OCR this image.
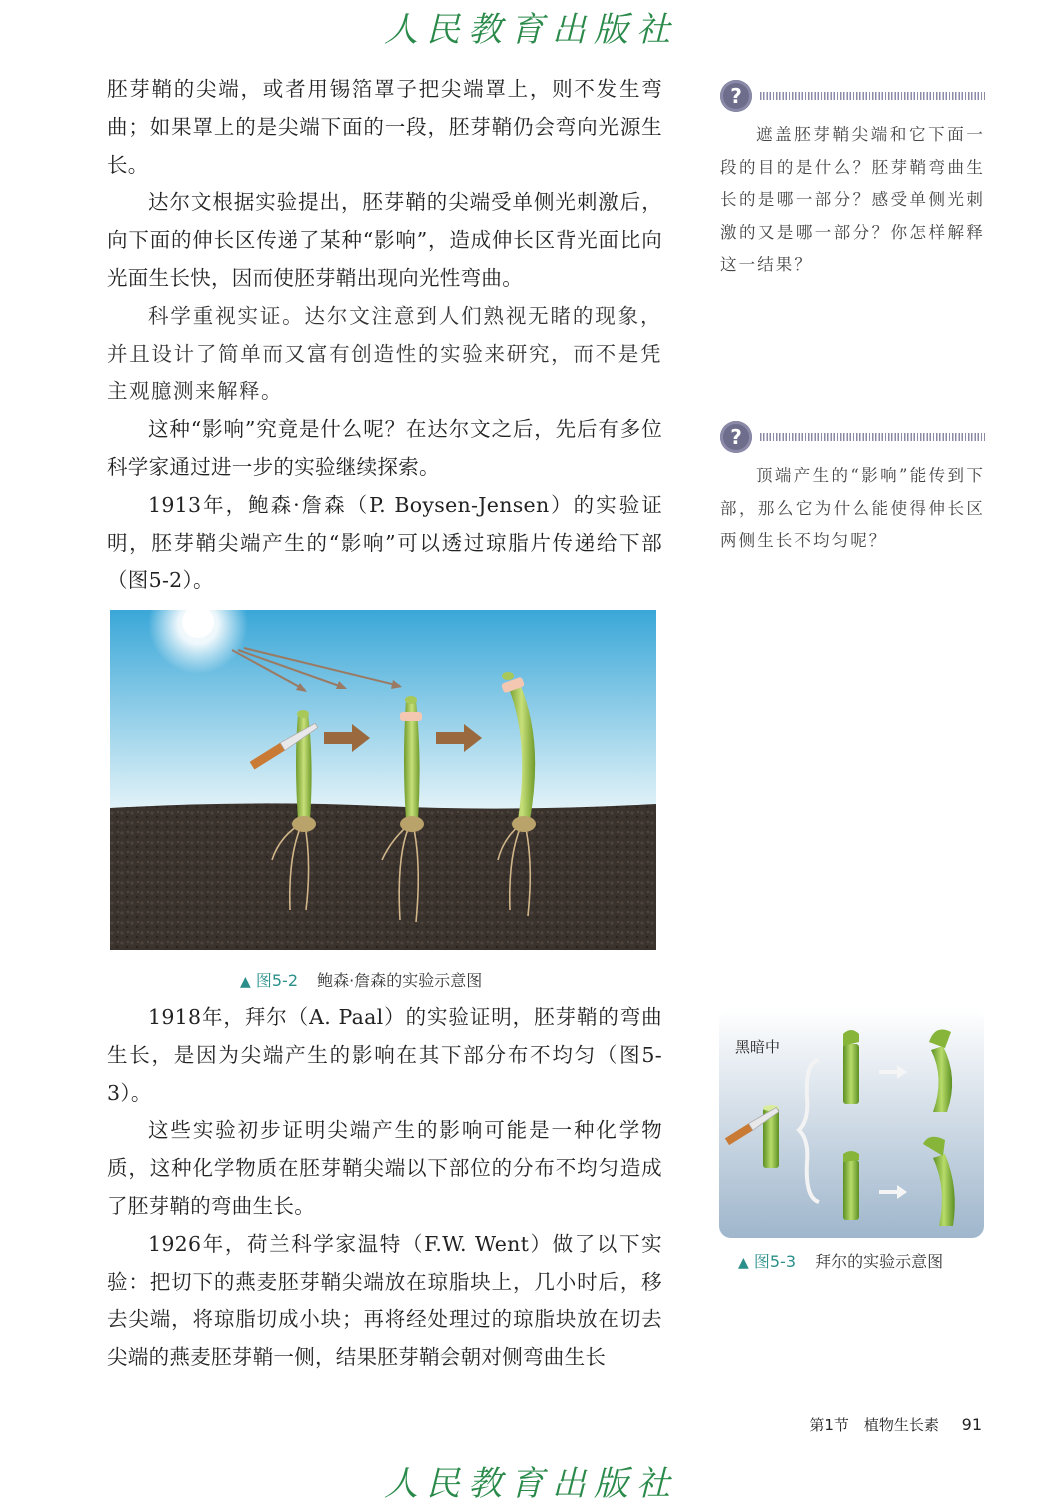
人民教育出版社

胚芽鞘的尖端，或者用锡箔罩子把尖端罩上，则不发生弯曲；如果罩上的是尖端下面的一段，胚芽鞘仍会弯向光源生长。

达尔文根据实验提出，胚芽鞘的尖端受单侧光刺激后，向下面的伸长区传递了某种“影响”，造成伸长区背光面比向光面生长快，因而使胚芽鞘出现向光性弯曲。

科学重视实证。达尔文注意到人们熟视无睹的现象，并且设计了简单而又富有创造性的实验来研究，而不是凭主观臆测来解释。

这种“影响”究竟是什么呢？在达尔文之后，先后有多位科学家通过进一步的实验继续探索。

1913年，鲍森·詹森（P. Boysen-Jensen）的实验证明，胚芽鞘尖端产生的“影响”可以透过琼脂片传递给下部（图5-2）。

?

遮盖胚芽鞘尖端和它下面一段的目的是什么？胚芽鞘弯曲生长的是哪一部分？感受单侧光刺激的又是哪一部分？你怎样解释这一结果？

?

顶端产生的“影响”能传到下部，那么它为什么能使得伸长区两侧生长不均匀呢？

▲ 图5-2 鲍森·詹森的实验示意图

1918年，拜尔（A. Paal）的实验证明，胚芽鞘的弯曲生长，是因为尖端产生的影响在其下部分布不均匀（图5-3）。

这些实验初步证明尖端产生的影响可能是一种化学物质，这种化学物质在胚芽鞘尖端以下部位的分布不均匀造成了胚芽鞘的弯曲生长。

1926年，荷兰科学家温特（F.W. Went）做了以下实验：把切下的燕麦胚芽鞘尖端放在琼脂块上，几小时后，移去尖端，将琼脂切成小块；再将经处理过的琼脂块放在切去尖端的燕麦胚芽鞘一侧，结果胚芽鞘会朝对侧弯曲生长

黑暗中
▲ 图5-3 拜尔的实验示意图
第1节　植物生长素 91
人民教育出版社
